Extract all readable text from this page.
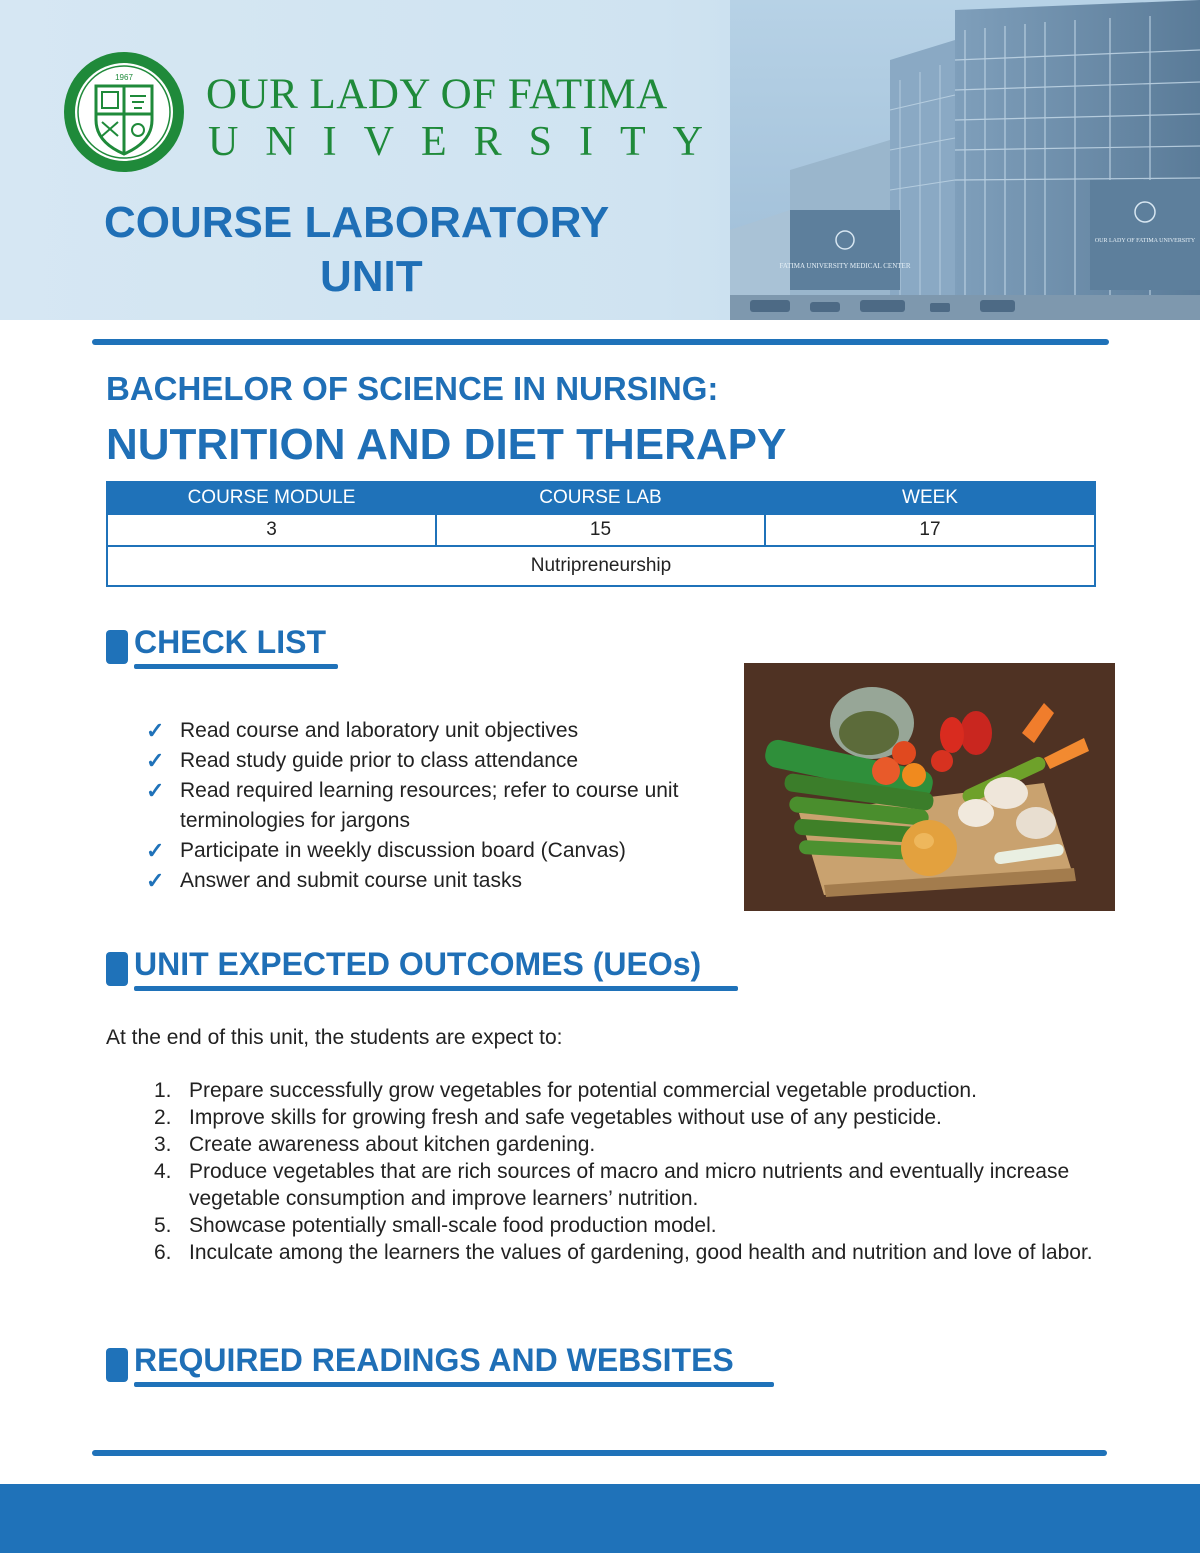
FATIMA UNIVERSITY MEDICAL CENTER
OUR LADY OF FATIMA UNIVERSITY
1967 OUR LADY OF FATIMA
UNIVERSITY
COURSE LABORATORY
UNIT
BACHELOR OF SCIENCE IN NURSING:
NUTRITION AND DIET THERAPY
COURSE MODULE	COURSE LAB	WEEK
3	15	17
Nutripreneurship		
CHECK LIST
✓ Read course and laboratory unit objectives
✓ Read study guide prior to class attendance
✓ Read required learning resources; refer to course unit terminologies for jargons
✓ Participate in weekly discussion board (Canvas)
✓ Answer and submit course unit tasks
UNIT EXPECTED OUTCOMES (UEOs)
At the end of this unit, the students are expect to:
1. Prepare successfully grow vegetables for potential commercial vegetable production.
2. Improve skills for growing fresh and safe vegetables without use of any pesticide.
3. Create awareness about kitchen gardening.
4. Produce vegetables that are rich sources of macro and micro nutrients and eventually increase vegetable consumption and improve learners’ nutrition.
5. Showcase potentially small-scale food production model.
6. Inculcate among the learners the values of gardening, good health and nutrition and love of labor.
REQUIRED READINGS AND WEBSITES
